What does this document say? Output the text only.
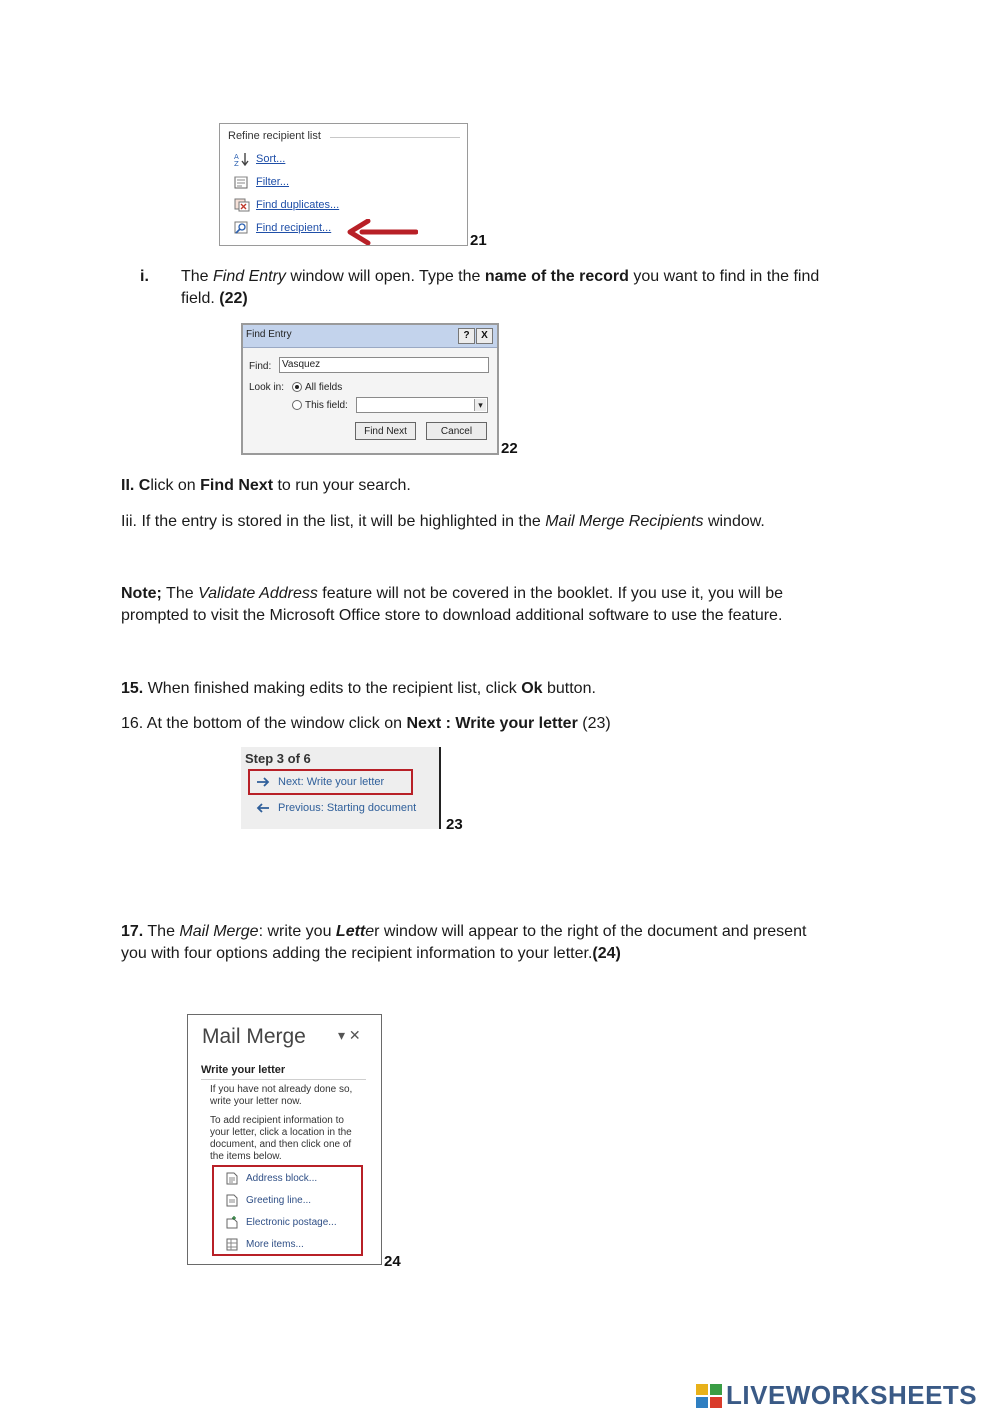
Refine recipient list
A
Z Sort...
Filter...
Find duplicates...
Find recipient...
21
i. The Find Entry window will open. Type the name of the record you want to find in the find
field. (22)
Find Entry	?	X
Find:	Vasquez
Look in: All fields
This field:	▾
Find Next	Cancel
22
II. Click on Find Next to run your search.
Iii. If the entry is stored in the list, it will be highlighted in the Mail Merge Recipients window.
Note; The Validate Address feature will not be covered in the booklet. If you use it, you will be
prompted to visit the Microsoft Office store to download additional software to use the feature.
15. When finished making edits to the recipient list, click Ok button.
16. At the bottom of the window click on Next : Write your letter (23)
Step 3 of 6
Next: Write your letter
Previous: Starting document
23
17. The Mail Merge: write you Letter window will appear to the right of the document and present
you with four options adding the recipient information to your letter.(24)
Mail Merge ▾ ✕
Write your letter
If you have not already done so, write your letter now.
To add recipient information to your letter, click a location in the document, and then click one of the items below.
Address block...
Greeting line...
Electronic postage...
More items...
24
LIVEWORKSHEETS
